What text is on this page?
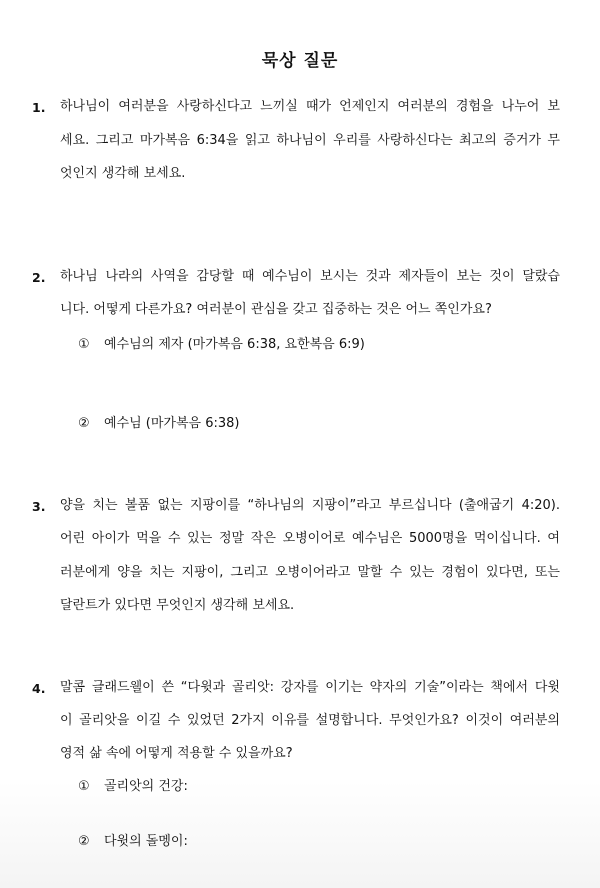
묵상 질문
1. 하나님이 여러분을 사랑하신다고 느끼실 때가 언제인지 여러분의 경험을 나누어 보
세요. 그리고 마가복음 6:34을 읽고 하나님이 우리를 사랑하신다는 최고의 증거가 무
엇인지 생각해 보세요.
2. 하나님 나라의 사역을 감당할 때 예수님이 보시는 것과 제자들이 보는 것이 달랐습
니다. 어떻게 다른가요? 여러분이 관심을 갖고 집중하는 것은 어느 쪽인가요?
① 예수님의 제자 (마가복음 6:38, 요한복음 6:9)
② 예수님 (마가복음 6:38)
3. 양을 치는 볼품 없는 지팡이를 “하나님의 지팡이”라고 부르십니다 (출애굽기 4:20).
어린 아이가 먹을 수 있는 정말 작은 오병이어로 예수님은 5000명을 먹이십니다. 여
러분에게 양을 치는 지팡이, 그리고 오병이어라고 말할 수 있는 경험이 있다면, 또는
달란트가 있다면 무엇인지 생각해 보세요.
4. 말콤 글래드웰이 쓴 “다윗과 골리앗: 강자를 이기는 약자의 기술”이라는 책에서 다윗
이 골리앗을 이길 수 있었던 2가지 이유를 설명합니다. 무엇인가요? 이것이 여러분의
영적 삶 속에 어떻게 적용할 수 있을까요?
① 골리앗의 건강:
② 다윗의 돌멩이:
